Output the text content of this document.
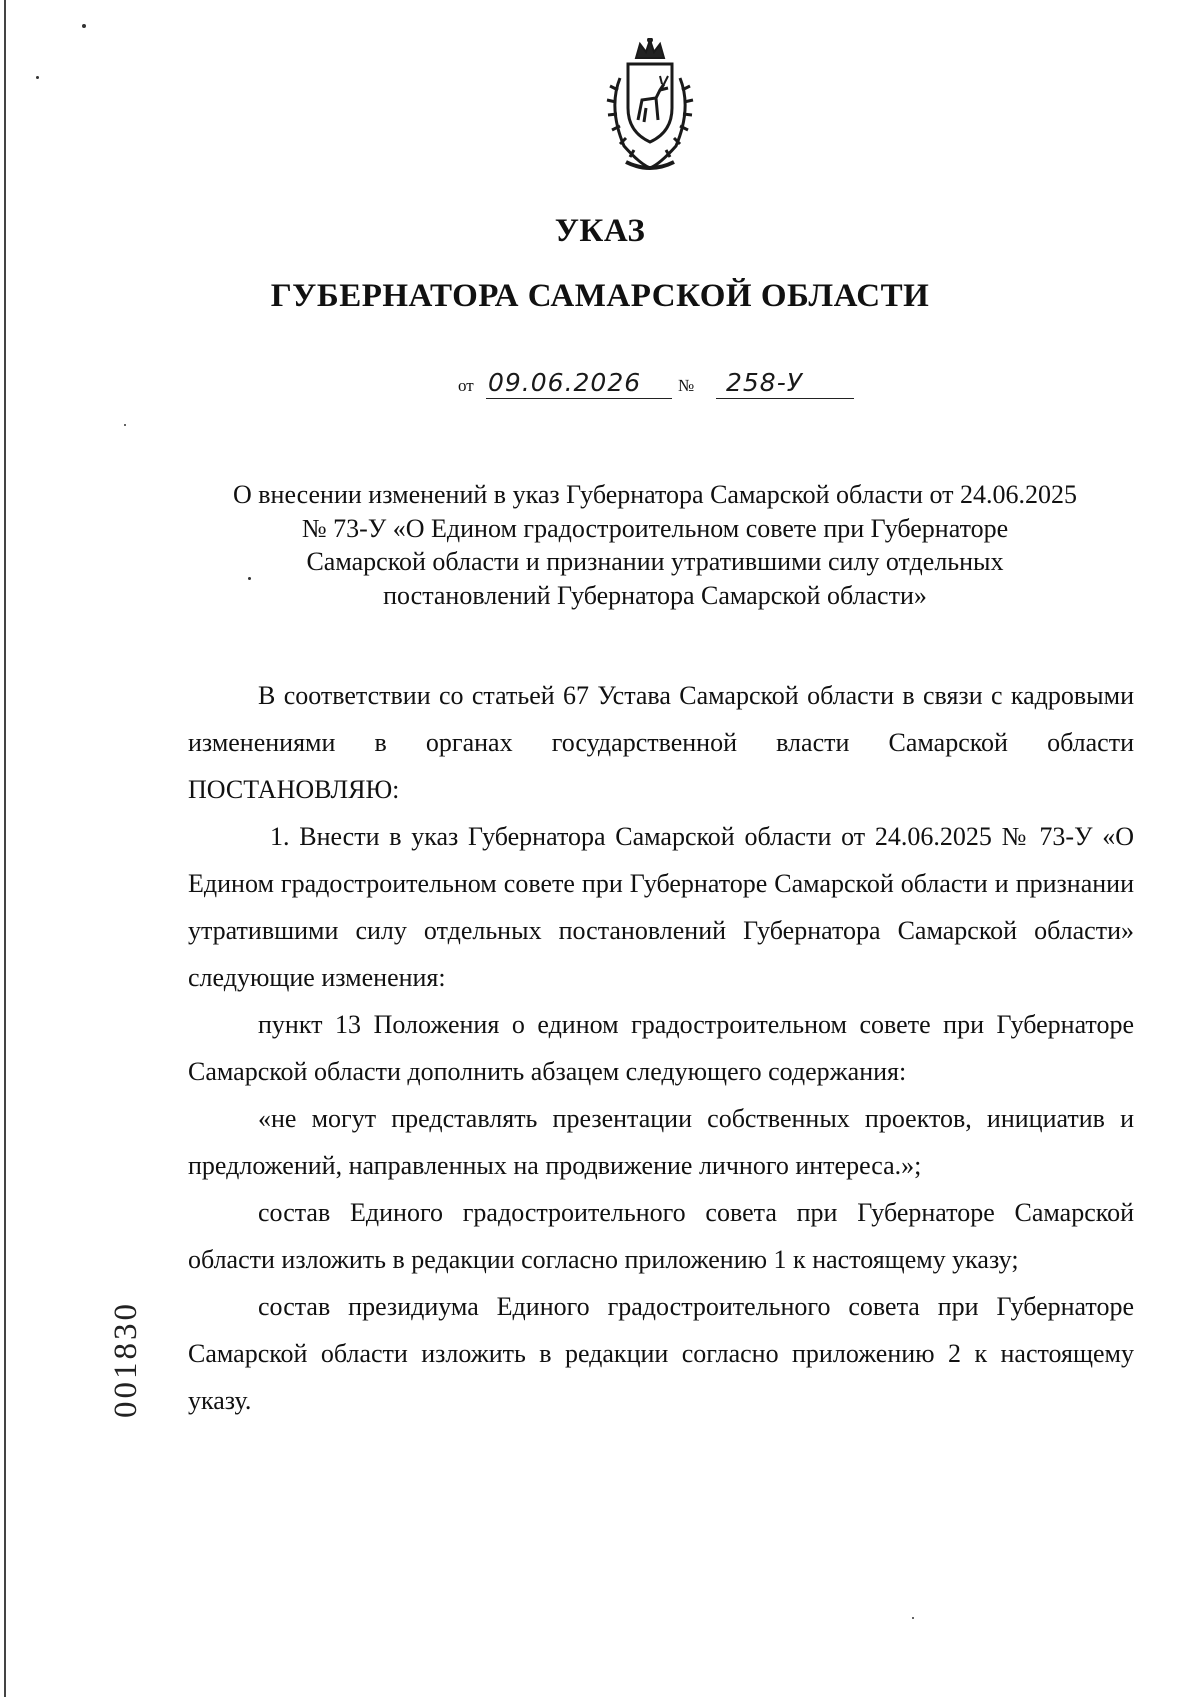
УКАЗ
ГУБЕРНАТОРА САМАРСКОЙ ОБЛАСТИ
от 09.06.2026 № 258-У
О внесении изменений в указ Губернатора Самарской области от 24.06.2025
№ 73-У «О Едином градостроительном совете при Губернаторе
Самарской области и признании утратившими силу отдельных
постановлений Губернатора Самарской области»

В соответствии со статьей 67 Устава Самарской области в связи с кадровыми изменениями в органах государственной власти Самарской области ПОСТАНОВЛЯЮ:

1. Внести в указ Губернатора Самарской области от 24.06.2025 № 73-У «О Едином градостроительном совете при Губернаторе Самарской области и признании утратившими силу отдельных постановлений Губернатора Самарской области» следующие изменения:

пункт 13 Положения о едином градостроительном совете при Губернаторе Самарской области дополнить абзацем следующего содержания:

«не могут представлять презентации собственных проектов, инициатив и предложений, направленных на продвижение личного интереса.»;

состав Единого градостроительного совета при Губернаторе Самарской области изложить в редакции согласно приложению 1 к настоящему указу;

состав президиума Единого градостроительного совета при Губернаторе Самарской области изложить в редакции согласно приложению 2 к настоящему указу.

001830
